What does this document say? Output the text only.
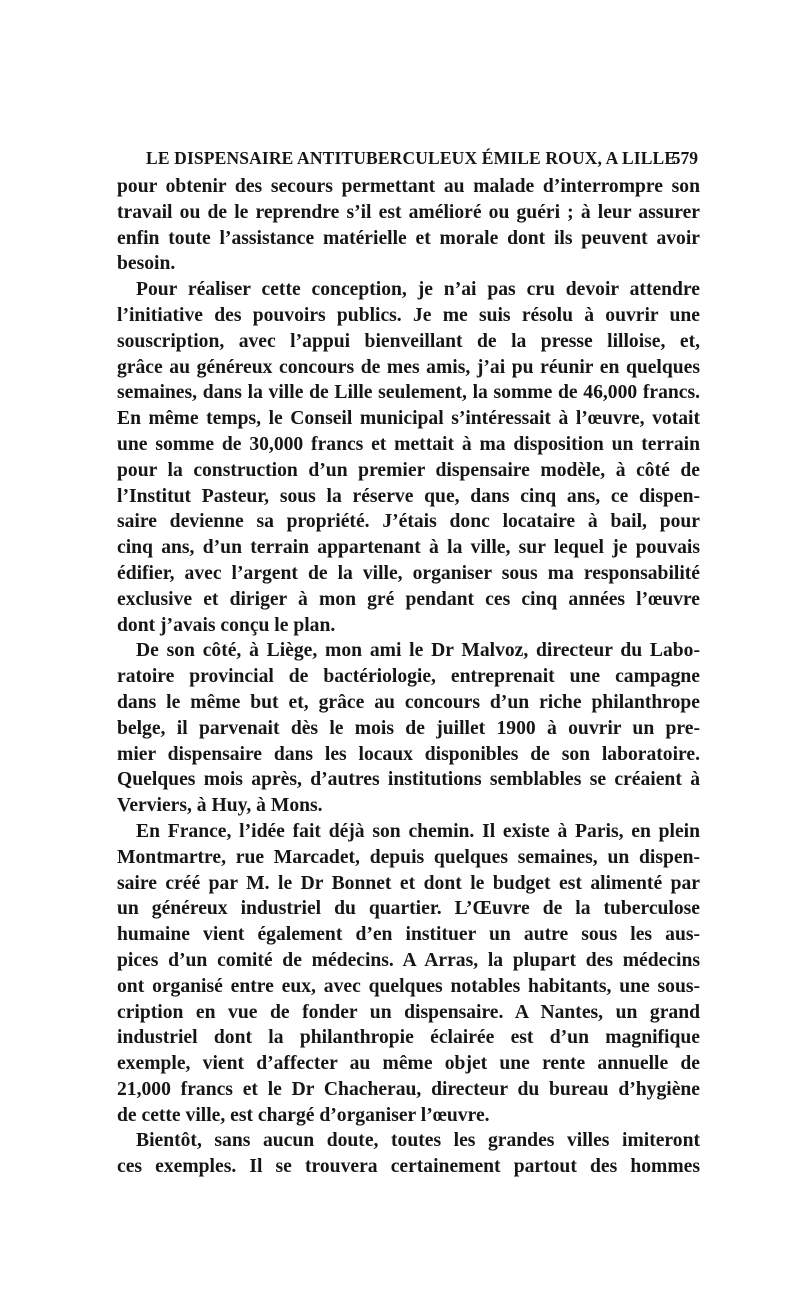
LE DISPENSAIRE ANTITUBERCULEUX ÉMILE ROUX, A LILLE
579
pour obtenir des secours permettant au malade d’interrompre son
travail ou de le reprendre s’il est amélioré ou guéri ; à leur assurer
enfin toute l’assistance matérielle et morale dont ils peuvent avoir
besoin.
Pour réaliser cette conception, je n’ai pas cru devoir attendre
l’initiative des pouvoirs publics. Je me suis résolu à ouvrir une
souscription, avec l’appui bienveillant de la presse lilloise, et,
grâce au généreux concours de mes amis, j’ai pu réunir en quelques
semaines, dans la ville de Lille seulement, la somme de 46,000 francs.
En même temps, le Conseil municipal s’intéressait à l’œuvre, votait
une somme de 30,000 francs et mettait à ma disposition un terrain
pour la construction d’un premier dispensaire modèle, à côté de
l’Institut Pasteur, sous la réserve que, dans cinq ans, ce dispen-
saire devienne sa propriété. J’étais donc locataire à bail, pour
cinq ans, d’un terrain appartenant à la ville, sur lequel je pouvais
édifier, avec l’argent de la ville, organiser sous ma responsabilité
exclusive et diriger à mon gré pendant ces cinq années l’œuvre
dont j’avais conçu le plan.
De son côté, à Liège, mon ami le Dr Malvoz, directeur du Labo-
ratoire provincial de bactériologie, entreprenait une campagne
dans le même but et, grâce au concours d’un riche philanthrope
belge, il parvenait dès le mois de juillet 1900 à ouvrir un pre-
mier dispensaire dans les locaux disponibles de son laboratoire.
Quelques mois après, d’autres institutions semblables se créaient à
Verviers, à Huy, à Mons.
En France, l’idée fait déjà son chemin. Il existe à Paris, en plein
Montmartre, rue Marcadet, depuis quelques semaines, un dispen-
saire créé par M. le Dr Bonnet et dont le budget est alimenté par
un généreux industriel du quartier. L’Œuvre de la tuberculose
humaine vient également d’en instituer un autre sous les aus-
pices d’un comité de médecins. A Arras, la plupart des médecins
ont organisé entre eux, avec quelques notables habitants, une sous-
cription en vue de fonder un dispensaire. A Nantes, un grand
industriel dont la philanthropie éclairée est d’un magnifique
exemple, vient d’affecter au même objet une rente annuelle de
21,000 francs et le Dr Chacherau, directeur du bureau d’hygiène
de cette ville, est chargé d’organiser l’œuvre.
Bientôt, sans aucun doute, toutes les grandes villes imiteront
ces exemples. Il se trouvera certainement partout des hommes
